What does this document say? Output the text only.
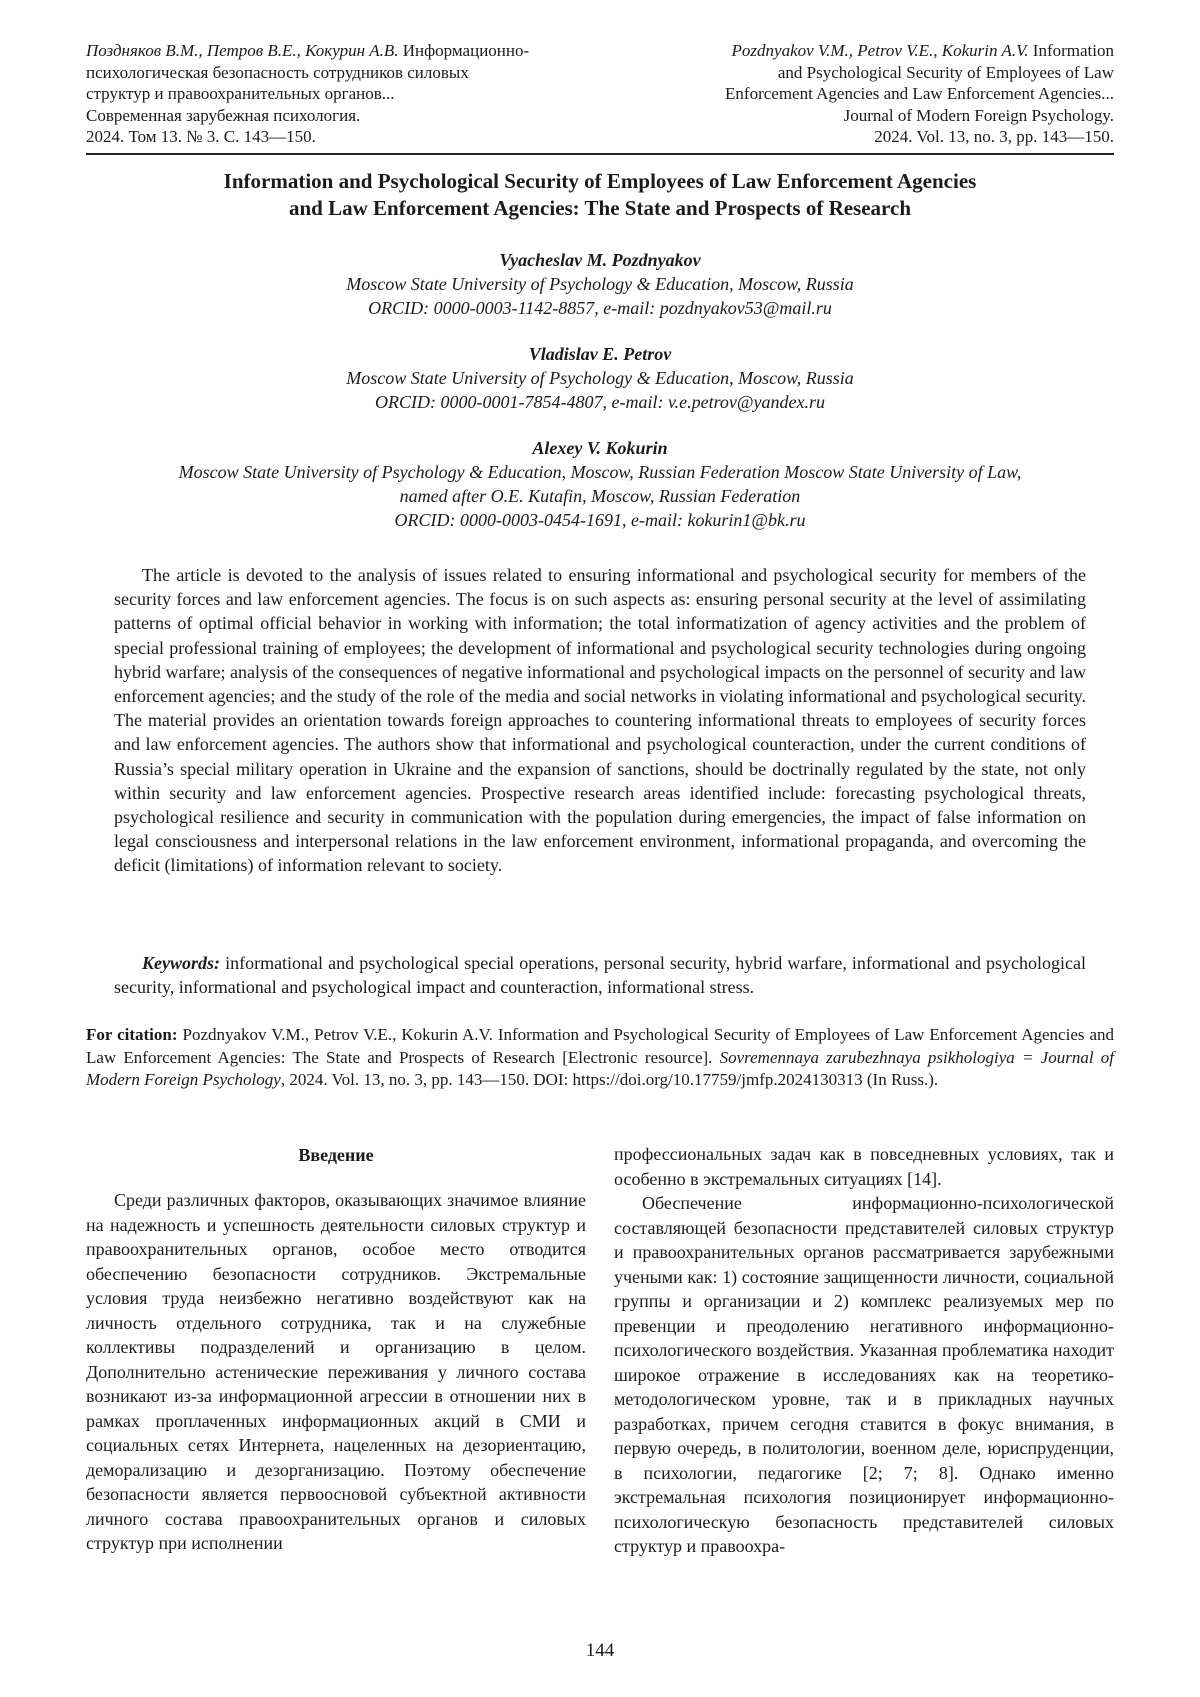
Поздняков В.М., Петров В.Е., Кокурин А.В. Информационно-
психологическая безопасность сотрудников силовых
структур и правоохранительных органов...
Современная зарубежная психология.
2024. Том 13. № 3. С. 143—150.
Pozdnyakov V.M., Petrov V.E., Kokurin A.V. Information
and Psychological Security of Employees of Law
Enforcement Agencies and Law Enforcement Agencies...
Journal of Modern Foreign Psychology.
2024. Vol. 13, no. 3, pp. 143—150.
Information and Psychological Security of Employees of Law Enforcement Agencies
and Law Enforcement Agencies: The State and Prospects of Research
Vyacheslav M. Pozdnyakov
Moscow State University of Psychology & Education, Moscow, Russia
ORCID: 0000-0003-1142-8857, e-mail: pozdnyakov53@mail.ru
Vladislav E. Petrov
Moscow State University of Psychology & Education, Moscow, Russia
ORCID: 0000-0001-7854-4807, e-mail: v.e.petrov@yandex.ru
Alexey V. Kokurin
Moscow State University of Psychology & Education, Moscow, Russian Federation Moscow State University of Law,
named after O.E. Kutafin, Moscow, Russian Federation
ORCID: 0000-0003-0454-1691, e-mail: kokurin1@bk.ru

The article is devoted to the analysis of issues related to ensuring informational and psychological security for members of the security forces and law enforcement agencies. The focus is on such aspects as: ensuring personal security at the level of assimilating patterns of optimal official behavior in working with information; the total informatization of agency activities and the problem of special professional training of employees; the development of informational and psychological security technologies during ongoing hybrid warfare; analysis of the consequences of negative informational and psychological impacts on the personnel of security and law enforcement agencies; and the study of the role of the media and social networks in violating informational and psychological security. The material provides an orientation towards foreign approaches to countering informational threats to employees of security forces and law enforcement agencies. The authors show that informational and psychological counteraction, under the current conditions of Russia’s special military operation in Ukraine and the expansion of sanctions, should be doctrinally regulated by the state, not only within security and law enforcement agencies. Prospective research areas identified include: forecasting psychological threats, psychological resilience and security in communication with the population during emergencies, the impact of false information on legal consciousness and interpersonal relations in the law enforcement environment, informational propaganda, and overcoming the deficit (limitations) of information relevant to society.

Keywords: informational and psychological special operations, personal security, hybrid warfare, informational and psychological security, informational and psychological impact and counteraction, informational stress.

For citation: Pozdnyakov V.M., Petrov V.E., Kokurin A.V. Information and Psychological Security of Employees of Law Enforcement Agencies and Law Enforcement Agencies: The State and Prospects of Research [Electronic resource]. Sovremennaya zarubezhnaya psikhologiya = Journal of Modern Foreign Psychology, 2024. Vol. 13, no. 3, pp. 143—150. DOI: https://doi.org/10.17759/jmfp.2024130313 (In Russ.).

Введение

Среди различных факторов, оказывающих значимое влияние на надежность и успешность деятельности силовых структур и правоохранительных органов, особое место отводится обеспечению безопасности сотрудников. Экстремальные условия труда неизбежно негативно воздействуют как на личность отдельного сотрудника, так и на служебные коллективы подразделений и организацию в целом. Дополнительно астенические переживания у личного состава возникают из-за информационной агрессии в отношении них в рамках проплаченных информационных акций в СМИ и социальных сетях Интернета, нацеленных на дезориентацию, деморализацию и дезорганизацию. Поэтому обеспечение безопасности является первоосновой субъектной активности личного состава правоохранительных органов и силовых структур при исполнении

профессиональных задач как в повседневных условиях, так и особенно в экстремальных ситуациях [14].

Обеспечение информационно-психологической составляющей безопасности представителей силовых структур и правоохранительных органов рассматривается зарубежными учеными как: 1) состояние защищенности личности, социальной группы и организации и 2) комплекс реализуемых мер по превенции и преодолению негативного информационно-психологического воздействия. Указанная проблематика находит широкое отражение в исследованиях как на теоретико-методологическом уровне, так и в прикладных научных разработках, причем сегодня ставится в фокус внимания, в первую очередь, в политологии, военном деле, юриспруденции, в психологии, педагогике [2; 7; 8]. Однако именно экстремальная психология позиционирует информационно-психологическую безопасность представителей силовых структур и правоохра-

144
